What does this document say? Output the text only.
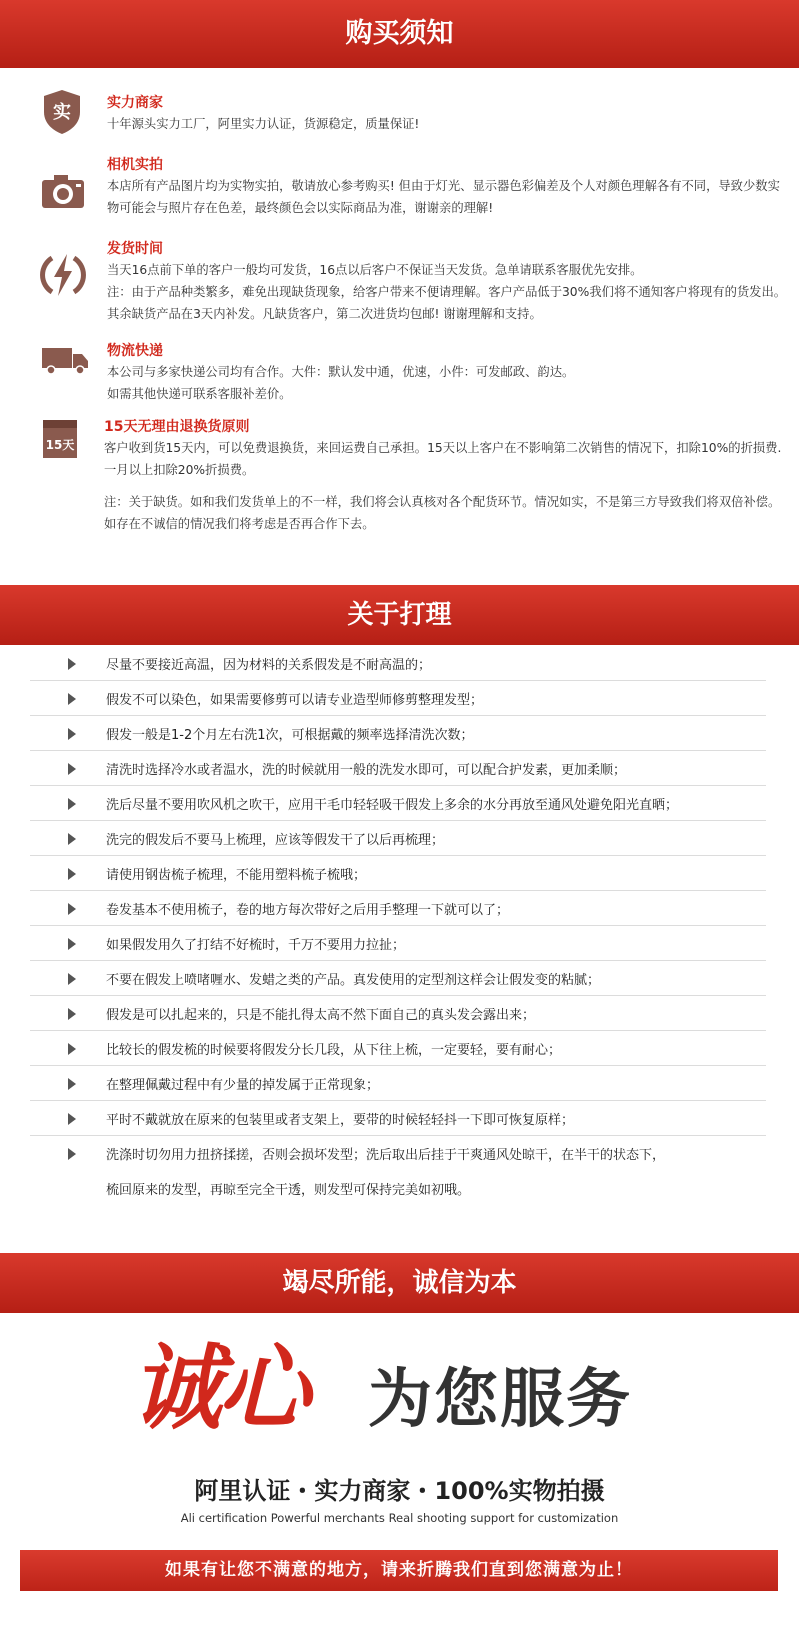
购买须知
实	实力商家
十年源头实力工厂，阿里实力认证，货源稳定，质量保证!
相机实拍
本店所有产品图片均为实物实拍，敬请放心参考购买! 但由于灯光、显示器色彩偏差及个人对颜色理解各有不同，导致少数实物可能会与照片存在色差，最终颜色会以实际商品为准，谢谢亲的理解!
发货时间
当天16点前下单的客户一般均可发货，16点以后客户不保证当天发货。急单请联系客服优先安排。
注：由于产品种类繁多，难免出现缺货现象，给客户带来不便请理解。客户产品低于30%我们将不通知客户将现有的货发出。其余缺货产品在3天内补发。凡缺货客户，第二次进货均包邮! 谢谢理解和支持。
物流快递
本公司与多家快递公司均有合作。大件：默认发中通，优速，小件：可发邮政、韵达。
如需其他快递可联系客服补差价。
15天
15天无理由退换货原则
客户收到货15天内，可以免费退换货，来回运费自己承担。15天以上客户在不影响第二次销售的情况下，扣除10%的折损费.一月以上扣除20%折损费。
注：关于缺货。如和我们发货单上的不一样，我们将会认真核对各个配货环节。情况如实，不是第三方导致我们将双倍补偿。如存在不诚信的情况我们将考虑是否再合作下去。
关于打理
尽量不要接近高温，因为材料的关系假发是不耐高温的；
假发不可以染色，如果需要修剪可以请专业造型师修剪整理发型；
假发一般是1-2个月左右洗1次，可根据戴的频率选择清洗次数；
清洗时选择冷水或者温水，洗的时候就用一般的洗发水即可，可以配合护发素，更加柔顺；
洗后尽量不要用吹风机之吹干，应用干毛巾轻轻吸干假发上多余的水分再放至通风处避免阳光直晒；
洗完的假发后不要马上梳理，应该等假发干了以后再梳理；
请使用钢齿梳子梳理，不能用塑料梳子梳哦；
卷发基本不使用梳子，卷的地方每次带好之后用手整理一下就可以了；
如果假发用久了打结不好梳时，千万不要用力拉扯；
不要在假发上喷啫喱水、发蜡之类的产品。真发使用的定型剂这样会让假发变的粘腻；
假发是可以扎起来的，只是不能扎得太高不然下面自己的真头发会露出来；
比较长的假发梳的时候要将假发分长几段，从下往上梳，一定要轻，要有耐心；
在整理佩戴过程中有少量的掉发属于正常现象；
平时不戴就放在原来的包装里或者支架上，要带的时候轻轻抖一下即可恢复原样；
洗涤时切勿用力扭挤揉搓，否则会损坏发型；洗后取出后挂于干爽通风处晾干，在半干的状态下，
梳回原来的发型，再晾至完全干透，则发型可保持完美如初哦。
竭尽所能，诚信为本
诚心 为您服务
阿里认证・实力商家・100%实物拍摄
Ali certification Powerful merchants Real shooting support for customization
如果有让您不满意的地方，请来折腾我们直到您满意为止！
